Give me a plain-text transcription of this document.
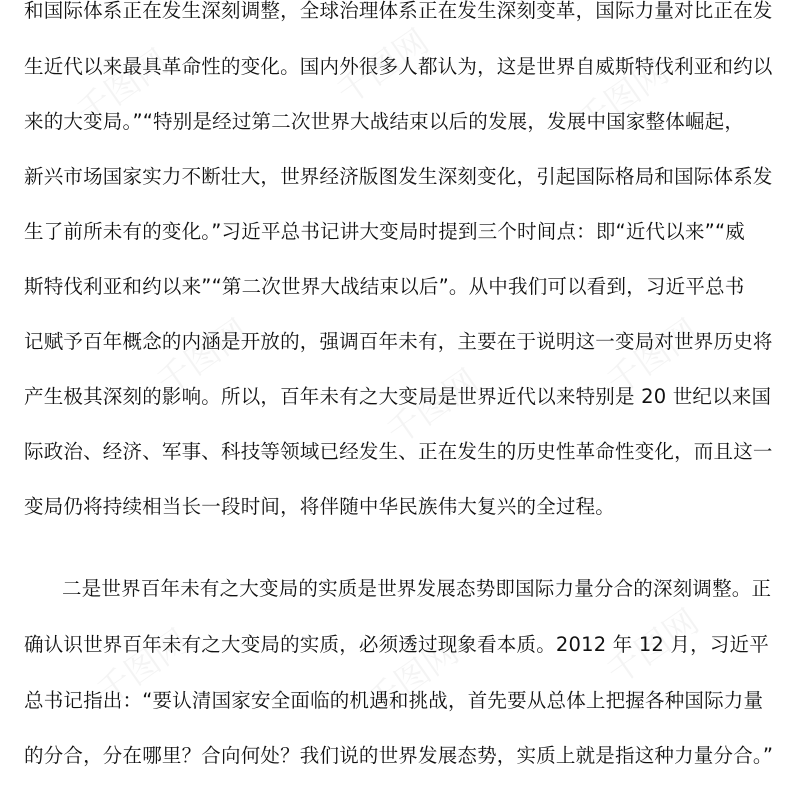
和国际体系正在发生深刻调整，全球治理体系正在发生深刻变革，国际力量对比正在发
生近代以来最具革命性的变化。国内外很多人都认为，这是世界自威斯特伐利亚和约以
来的大变局。”“特别是经过第二次世界大战结束以后的发展，发展中国家整体崛起，
新兴市场国家实力不断壮大，世界经济版图发生深刻变化，引起国际格局和国际体系发
生了前所未有的变化。”习近平总书记讲大变局时提到三个时间点：即“近代以来”“威
斯特伐利亚和约以来”“第二次世界大战结束以后”。从中我们可以看到，习近平总书
记赋予百年概念的内涵是开放的，强调百年未有，主要在于说明这一变局对世界历史将
产生极其深刻的影响。所以，百年未有之大变局是世界近代以来特别是 20 世纪以来国
际政治、经济、军事、科技等领域已经发生、正在发生的历史性革命性变化，而且这一
变局仍将持续相当长一段时间，将伴随中华民族伟大复兴的全过程。
二是世界百年未有之大变局的实质是世界发展态势即国际力量分合的深刻调整。正
确认识世界百年未有之大变局的实质，必须透过现象看本质。2012 年 12 月，习近平
总书记指出：“要认清国家安全面临的机遇和挑战，首先要从总体上把握各种国际力量
的分合，分在哪里？合向何处？我们说的世界发展态势，实质上就是指这种力量分合。”
